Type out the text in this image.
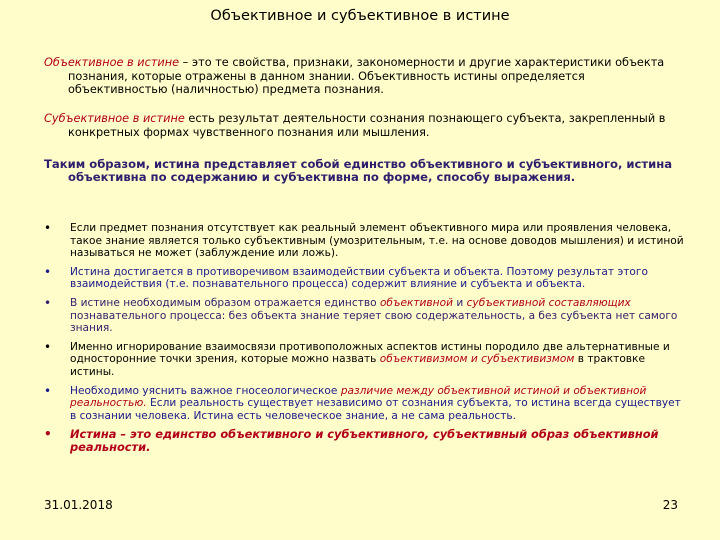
Объективное и субъективное в истине

Объективное в истине – это те свойства, признаки, закономерности и другие характеристики объекта познания, которые отражены в данном знании. Объективность истины определяется объективностью (наличностью) предмета познания.

Субъективное в истине есть результат деятельности сознания познающего субъекта, закрепленный в конкретных формах чувственного познания или мышления.

Таким образом, истина представляет собой единство объективного и субъективного, истина объективна по содержанию и субъективна по форме, способу выражения.
• Если предмет познания отсутствует как реальный элемент объективного мира или проявления человека, такое знание является только субъективным (умозрительным, т.е. на основе доводов мышления) и истиной называться не может (заблуждение или ложь).
• Истина достигается в противоречивом взаимодействии субъекта и объекта. Поэтому результат этого взаимодействия (т.е. познавательного процесса) содержит влияние и субъекта и объекта.
• В истине необходимым образом отражается единство объективной и субъективной составляющих познавательного процесса: без объекта знание теряет свою содержательность, а без субъекта нет самого знания.
• Именно игнорирование взаимосвязи противоположных аспектов истины породило две альтернативные и односторонние точки зрения, которые можно назвать объективизмом и субъективизмом в трактовке истины.
• Необходимо уяснить важное гносеологическое различие между объективной истиной и объективной реальностью. Если реальность существует независимо от сознания субъекта, то истина всегда существует в сознании человека. Истина есть человеческое знание, а не сама реальность.
• Истина – это единство объективного и субъективного, субъективный образ объективной реальности.
31.01.2018	23
